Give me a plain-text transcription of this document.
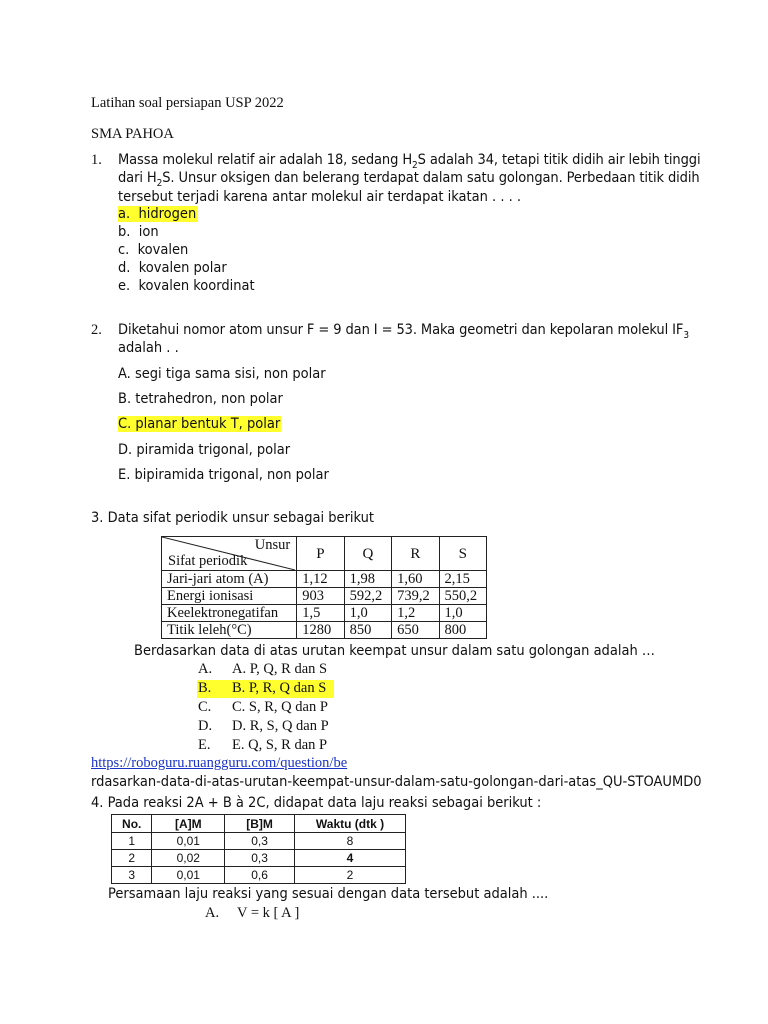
Latihan soal persiapan USP 2022
SMA PAHOA
1. Massa molekul relatif air adalah 18, sedang $H_2S$ adalah 34, tetapi titik didih air lebih tinggi
dari $H_2S$. Unsur oksigen dan belerang terdapat dalam satu golongan. Perbedaan titik didih
tersebut terjadi karena antar molekul air terdapat ikatan . . . .
a. hidrogen
b. ion
c. kovalen
d. kovalen polar
e. kovalen koordinat
2. Diketahui nomor atom unsur F = 9 dan I = 53. Maka geometri dan kepolaran molekul $IF_3$
adalah . .
A. segi tiga sama sisi, non polar
B. tetrahedron, non polar
C. planar bentuk T, polar
D. piramida trigonal, polar
E. bipiramida trigonal, non polar
3. Data sifat periodik unsur sebagai berikut
Unsur
Sifat periodik	P	Q	R	S
Jari-jari atom (A)	1,12	1,98	1,60	2,15
Energi ionisasi	903	592,2	739,2	550,2
Keelektronegatifan	1,5	1,0	1,2	1,0
Titik leleh(°C)	1280	850	650	800
Berdasarkan data di atas urutan keempat unsur dalam satu golongan adalah …
A. A. P, Q, R dan S
B. B. P, R, Q dan S
C. C. S, R, Q dan P
D. D. R, S, Q dan P
E. E. Q, S, R dan P
https://roboguru.ruangguru.com/question/be
rdasarkan-data-di-atas-urutan-keempat-unsur-dalam-satu-golongan-dari-atas_QU-STOAUMD0
4. Pada reaksi 2A + B à 2C, didapat data laju reaksi sebagai berikut :
No.	[A]M	[B]M	Waktu (dtk )
1	0,01	0,3	8
2	0,02	0,3	4
3	0,01	0,6	2
Persamaan laju reaksi yang sesuai dengan data tersebut adalah ....
A. V = k [ A ]
